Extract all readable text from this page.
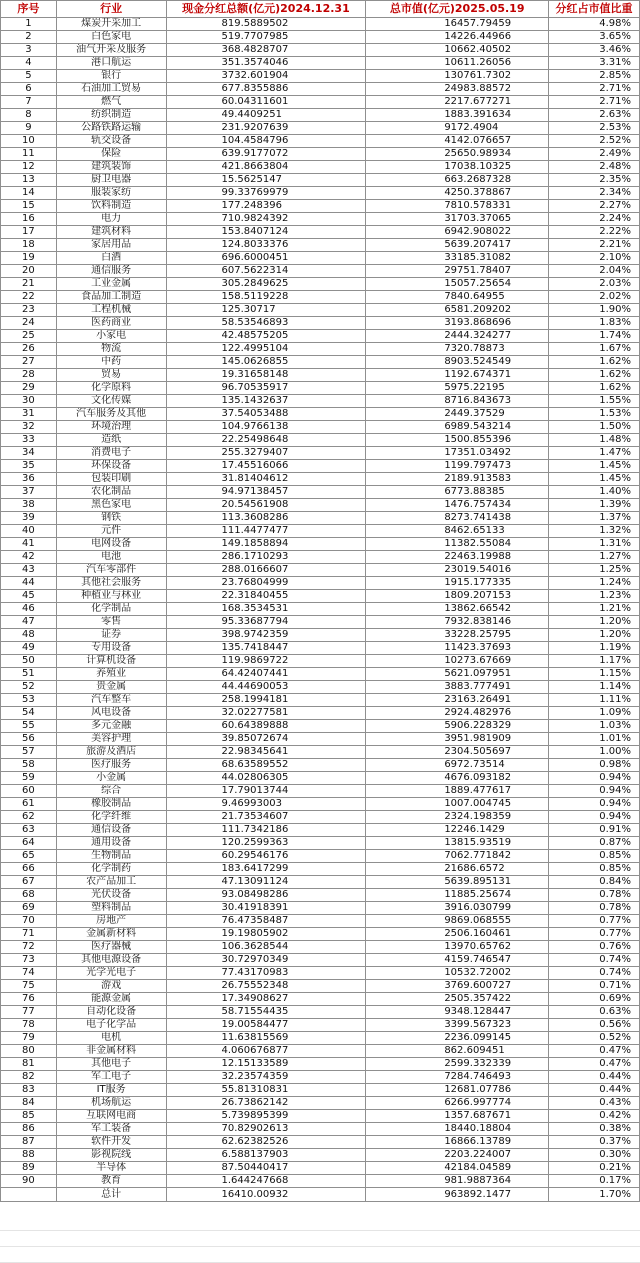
序号	行业	现金分红总额(亿元)2024.12.31	总市值(亿元)2025.05.19	分红占市值比重
1	煤炭开采加工	819.5889502	16457.79459	4.98%
2	白色家电	519.7707985	14226.44966	3.65%
3	油气开采及服务	368.4828707	10662.40502	3.46%
4	港口航运	351.3574046	10611.26056	3.31%
5	银行	3732.601904	130761.7302	2.85%
6	石油加工贸易	677.8355886	24983.88572	2.71%
7	燃气	60.04311601	2217.677271	2.71%
8	纺织制造	49.4409251	1883.391634	2.63%
9	公路铁路运输	231.9207639	9172.4904	2.53%
10	轨交设备	104.4584796	4142.076657	2.52%
11	保险	639.9177072	25650.98934	2.49%
12	建筑装饰	421.8663804	17038.10325	2.48%
13	厨卫电器	15.5625147	663.2687328	2.35%
14	服装家纺	99.33769979	4250.378867	2.34%
15	饮料制造	177.248396	7810.578331	2.27%
16	电力	710.9824392	31703.37065	2.24%
17	建筑材料	153.8407124	6942.908022	2.22%
18	家居用品	124.8033376	5639.207417	2.21%
19	白酒	696.6000451	33185.31082	2.10%
20	通信服务	607.5622314	29751.78407	2.04%
21	工业金属	305.2849625	15057.25654	2.03%
22	食品加工制造	158.5119228	7840.64955	2.02%
23	工程机械	125.30717	6581.209202	1.90%
24	医药商业	58.53546893	3193.868696	1.83%
25	小家电	42.48575205	2444.324277	1.74%
26	物流	122.4995104	7320.78873	1.67%
27	中药	145.0626855	8903.524549	1.62%
28	贸易	19.31658148	1192.674371	1.62%
29	化学原料	96.70535917	5975.22195	1.62%
30	文化传媒	135.1432637	8716.843673	1.55%
31	汽车服务及其他	37.54053488	2449.37529	1.53%
32	环境治理	104.9766138	6989.543214	1.50%
33	造纸	22.25498648	1500.855396	1.48%
34	消费电子	255.3279407	17351.03492	1.47%
35	环保设备	17.45516066	1199.797473	1.45%
36	包装印刷	31.81404612	2189.913583	1.45%
37	农化制品	94.97138457	6773.88385	1.40%
38	黑色家电	20.54561908	1476.757434	1.39%
39	钢铁	113.3608286	8273.741438	1.37%
40	元件	111.4477477	8462.65133	1.32%
41	电网设备	149.1858894	11382.55084	1.31%
42	电池	286.1710293	22463.19988	1.27%
43	汽车零部件	288.0166607	23019.54016	1.25%
44	其他社会服务	23.76804999	1915.177335	1.24%
45	种植业与林业	22.31840455	1809.207153	1.23%
46	化学制品	168.3534531	13862.66542	1.21%
47	零售	95.33687794	7932.838146	1.20%
48	证券	398.9742359	33228.25795	1.20%
49	专用设备	135.7418447	11423.37693	1.19%
50	计算机设备	119.9869722	10273.67669	1.17%
51	养殖业	64.42407441	5621.097951	1.15%
52	贵金属	44.44690053	3883.777491	1.14%
53	汽车整车	258.1994181	23163.26491	1.11%
54	风电设备	32.02277581	2924.482976	1.09%
55	多元金融	60.64389888	5906.228329	1.03%
56	美容护理	39.85072674	3951.981909	1.01%
57	旅游及酒店	22.98345641	2304.505697	1.00%
58	医疗服务	68.63589552	6972.73514	0.98%
59	小金属	44.02806305	4676.093182	0.94%
60	综合	17.79013744	1889.477617	0.94%
61	橡胶制品	9.46993003	1007.004745	0.94%
62	化学纤维	21.73534607	2324.198359	0.94%
63	通信设备	111.7342186	12246.1429	0.91%
64	通用设备	120.2599363	13815.93519	0.87%
65	生物制品	60.29546176	7062.771842	0.85%
66	化学制药	183.6417299	21686.6572	0.85%
67	农产品加工	47.13091124	5639.895131	0.84%
68	光伏设备	93.08498286	11885.25674	0.78%
69	塑料制品	30.41918391	3916.030799	0.78%
70	房地产	76.47358487	9869.068555	0.77%
71	金属新材料	19.19805902	2506.160461	0.77%
72	医疗器械	106.3628544	13970.65762	0.76%
73	其他电源设备	30.72970349	4159.746547	0.74%
74	光学光电子	77.43170983	10532.72002	0.74%
75	游戏	26.75552348	3769.600727	0.71%
76	能源金属	17.34908627	2505.357422	0.69%
77	自动化设备	58.71554435	9348.128447	0.63%
78	电子化学品	19.00584477	3399.567323	0.56%
79	电机	11.63815569	2236.099145	0.52%
80	非金属材料	4.060676877	862.609451	0.47%
81	其他电子	12.15133589	2599.332339	0.47%
82	军工电子	32.23574359	7284.746493	0.44%
83	IT服务	55.81310831	12681.07786	0.44%
84	机场航运	26.73862142	6266.997774	0.43%
85	互联网电商	5.739895399	1357.687671	0.42%
86	军工装备	70.82902613	18440.18804	0.38%
87	软件开发	62.62382526	16866.13789	0.37%
88	影视院线	6.588137903	2203.224007	0.30%
89	半导体	87.50440417	42184.04589	0.21%
90	教育	1.644247668	981.9887364	0.17%
	总计	16410.00932	963892.1477	1.70%
